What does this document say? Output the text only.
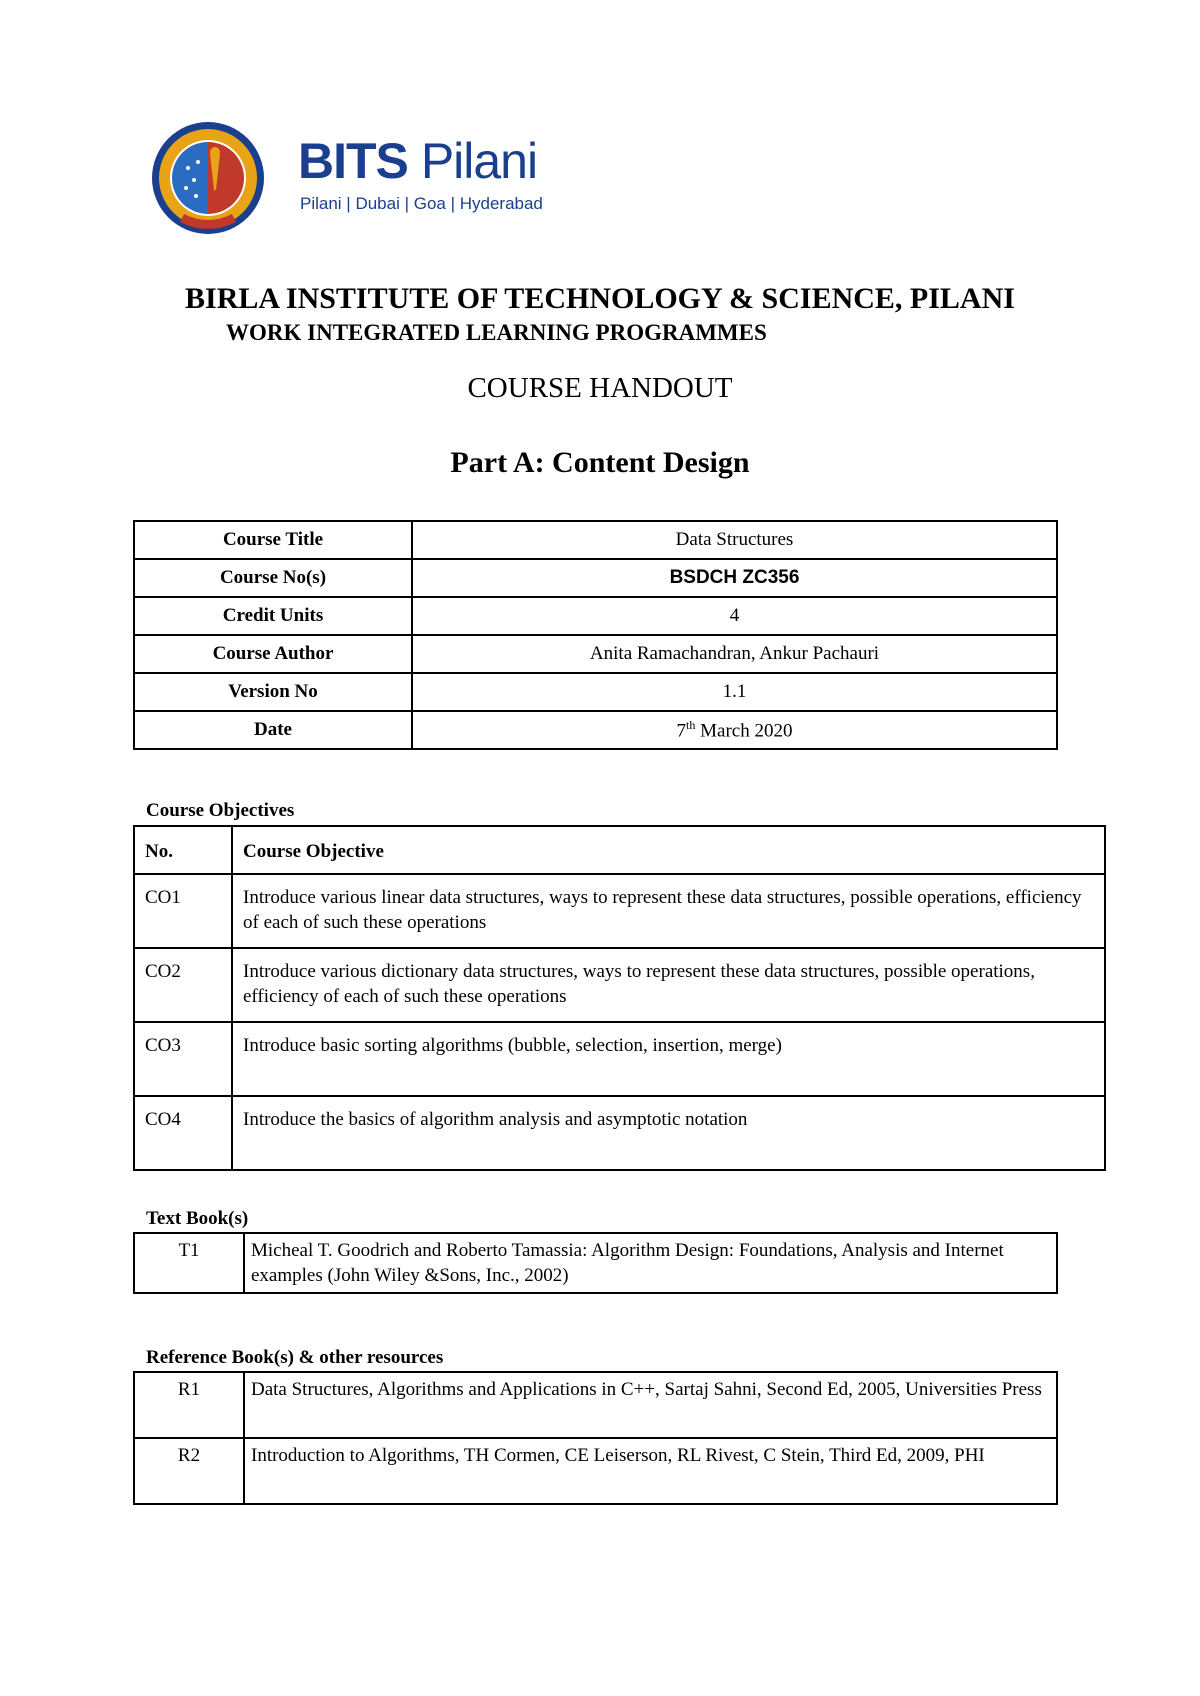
BITS Pilani
Pilani | Dubai | Goa | Hyderabad
BIRLA INSTITUTE OF TECHNOLOGY & SCIENCE, PILANI
WORK INTEGRATED LEARNING PROGRAMMES
COURSE HANDOUT
Part A: Content Design
Course Title	Data Structures
Course No(s)	BSDCH ZC356
Credit Units	4
Course Author	Anita Ramachandran, Ankur Pachauri
Version No	1.1
Date	7th March 2020
Course Objectives
No.	Course Objective
CO1	Introduce various linear data structures, ways to represent these data structures, possible operations, efficiency of each of such these operations
CO2	Introduce various dictionary data structures, ways to represent these data structures, possible operations, efficiency of each of such these operations
CO3	Introduce basic sorting algorithms (bubble, selection, insertion, merge)
CO4	Introduce the basics of algorithm analysis and asymptotic notation
Text Book(s)
T1	Micheal T. Goodrich and Roberto Tamassia: Algorithm Design: Foundations, Analysis and Internet examples (John Wiley &Sons, Inc., 2002)
Reference Book(s) & other resources
R1	Data Structures, Algorithms and Applications in C++, Sartaj Sahni, Second Ed, 2005, Universities Press
R2	Introduction to Algorithms, TH Cormen, CE Leiserson, RL Rivest, C Stein, Third Ed, 2009, PHI
